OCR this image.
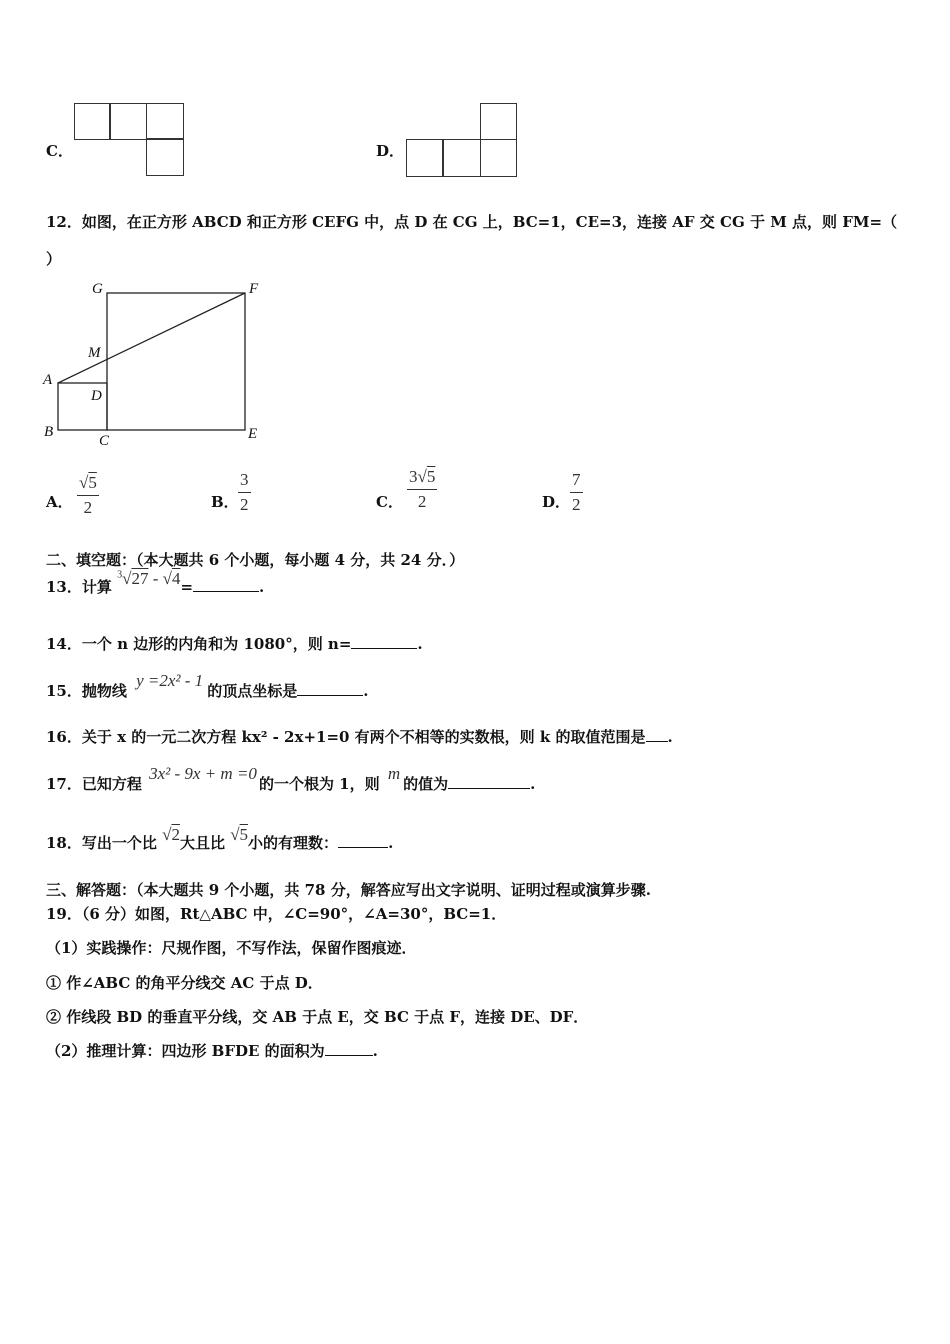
C．	D．
12．如图，在正方形 ABCD 和正方形 CEFG 中，点 D 在 CG 上，BC=1，CE=3，连接 AF 交 CG 于 M 点，则 FM=（
）
G	F
M
A
D
B
C	E
A． $\frac{√5}{2}$	B． $\frac{3}{2}$	C． $\frac{3√5}{2}$	D． $\frac{7}{2}$
二、填空题：（本大题共 6 个小题，每小题 4 分，共 24 分．）
13．计算 $^3$√27 - √4=	.
14．一个 n 边形的内角和为 1080°，则 n=	.
15．抛物线 y =2x² - 1的顶点坐标是	.
16．关于 x 的一元二次方程 kx² - 2x+1=0 有两个不相等的实数根，则 k 的取值范围是 .
17．已知方程 3x² - 9x + m =0的一个根为 1，则 m的值为	.
18．写出一个比 √2大且比 √5小的有理数：	.
三、解答题：（本大题共 9 个小题，共 78 分，解答应写出文字说明、证明过程或演算步骤.
19．（6 分）如图，Rt△ABC 中，∠C=90°，∠A=30°，BC=1．
（1）实践操作：尺规作图，不写作法，保留作图痕迹．
① 作∠ABC 的角平分线交 AC 于点 D．
② 作线段 BD 的垂直平分线，交 AB 于点 E，交 BC 于点 F，连接 DE、DF．
（2）推理计算：四边形 BFDE 的面积为	.
